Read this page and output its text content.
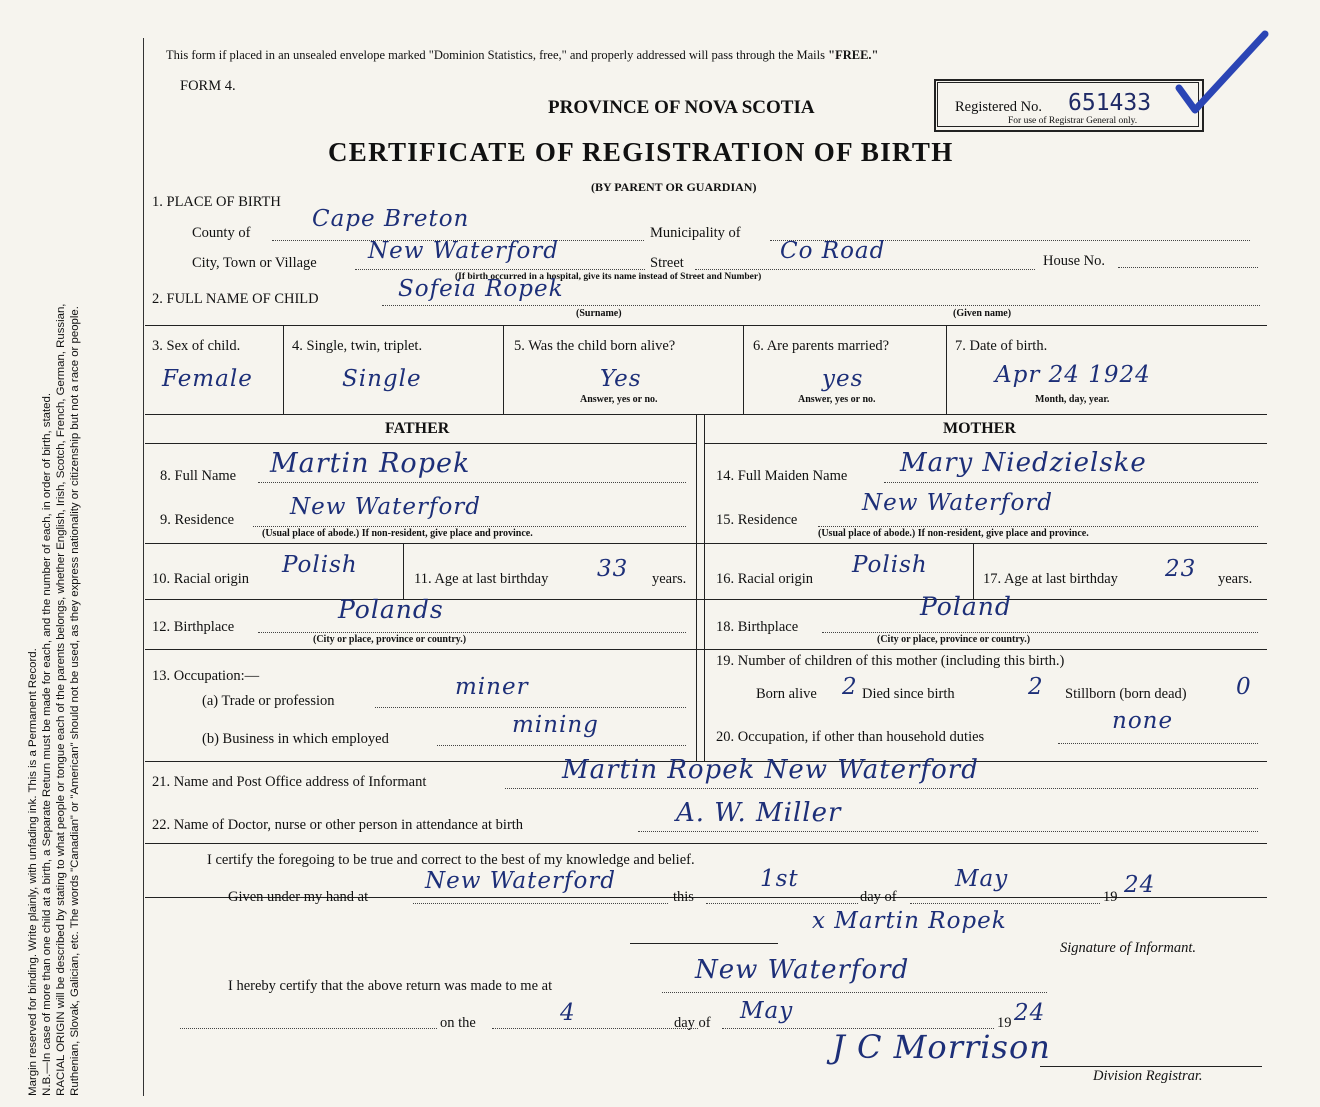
Margin reserved for binding. Write plainly, with unfading ink. This is a Permanent Record. N.B.—In case of more than one child at a birth, a Separate Return must be made for each, and the number of each, in order of birth, stated. RACIAL ORIGIN will be described by stating to what people or tongue each of the parents belongs, whether English, Irish, Scotch, French, German, Russian, Ruthenian, Slovak, Galician, etc. The words "Canadian" or "American" should not be used, as they express nationality or citizenship but not a race or people.
This form if placed in an unsealed envelope marked "Dominion Statistics, free," and properly addressed will pass through the Mails "FREE."
FORM 4.
PROVINCE OF NOVA SCOTIA
CERTIFICATE OF REGISTRATION OF BIRTH
(BY PARENT OR GUARDIAN)
Registered No. 651433
For use of Registrar General only.
1. PLACE OF BIRTH
County of
Cape Breton
Municipality of
City, Town or Village New Waterford	Street	Co Road	House No.
(If birth occurred in a hospital, give its name instead of Street and Number)
2. FULL NAME OF CHILD	Sofeia Ropek
(Surname)	(Given name)
3. Sex of child.
Female
4. Single, twin, triplet.
Single
5. Was the child born alive?
Yes
Answer, yes or no.
6. Are parents married?
yes
Answer, yes or no.
7. Date of birth.
Apr 24 1924
Month, day, year.
FATHER	MOTHER
8. Full Name Martin Ropek
9. Residence New Waterford
(Usual place of abode.) If non-resident, give place and province.
10. Racial origin
Polish
11. Age at last birthday 33 years.
12. Birthplace
Polands
(City or place, province or country.)
13. Occupation:—
(a) Trade or profession
miner
(b) Business in which employed
mining
14. Full Maiden Name Mary Niedzielske
15. Residence
New Waterford
(Usual place of abode.) If non-resident, give place and province.
16. Racial origin
Polish
17. Age at last birthday 23 years.
18. Birthplace
Poland
(City or place, province or country.)
19. Number of children of this mother (including this birth.)
Born alive 2 Died since birth	2 Stillborn (born dead) 0
20. Occupation, if other than household duties
none
21. Name and Post Office address of Informant	Martin Ropek New Waterford
22. Name of Doctor, nurse or other person in attendance at birth	A. W. Miller
I certify the foregoing to be true and correct to the best of my knowledge and belief.
Given under my hand at
New Waterford
this
1st
day of
May
19 24
x Martin Ropek
Signature of Informant.
I hereby certify that the above return was made to me at
New Waterford
on the	4	day of May	19 24
J C Morrison
Division Registrar.
